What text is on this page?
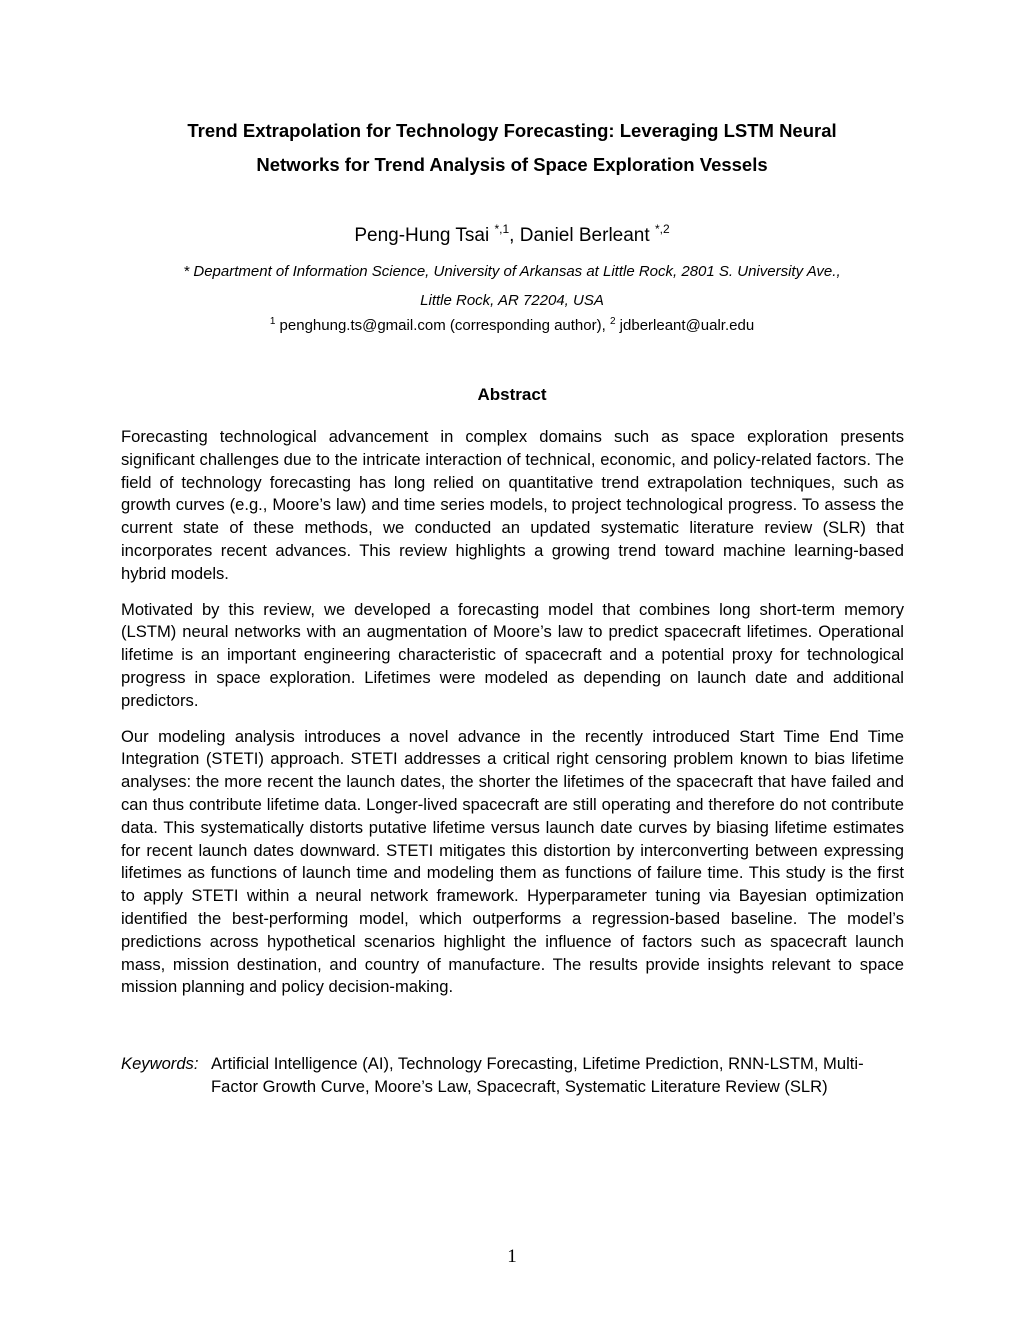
Trend Extrapolation for Technology Forecasting: Leveraging LSTM Neural
Networks for Trend Analysis of Space Exploration Vessels
Peng-Hung Tsai $^{*,1}$, Daniel Berleant $^{*,2}$
* Department of Information Science, University of Arkansas at Little Rock, 2801 S. University Ave.,
Little Rock, AR 72204, USA
$^1$ penghung.ts@gmail.com (corresponding author), $^2$ jdberleant@ualr.edu
Abstract

Forecasting technological advancement in complex domains such as space exploration presents significant challenges due to the intricate interaction of technical, economic, and policy-related factors. The field of technology forecasting has long relied on quantitative trend extrapolation techniques, such as growth curves (e.g., Moore’s law) and time series models, to project technological progress. To assess the current state of these methods, we conducted an updated systematic literature review (SLR) that incorporates recent advances. This review highlights a growing trend toward machine learning-based hybrid models.

Motivated by this review, we developed a forecasting model that combines long short-term memory (LSTM) neural networks with an augmentation of Moore’s law to predict spacecraft lifetimes. Operational lifetime is an important engineering characteristic of spacecraft and a potential proxy for technological progress in space exploration. Lifetimes were modeled as depending on launch date and additional predictors.

Our modeling analysis introduces a novel advance in the recently introduced Start Time End Time Integration (STETI) approach. STETI addresses a critical right censoring problem known to bias lifetime analyses: the more recent the launch dates, the shorter the lifetimes of the spacecraft that have failed and can thus contribute lifetime data. Longer-lived spacecraft are still operating and therefore do not contribute data. This systematically distorts putative lifetime versus launch date curves by biasing lifetime estimates for recent launch dates downward. STETI mitigates this distortion by interconverting between expressing lifetimes as functions of launch time and modeling them as functions of failure time. This study is the first to apply STETI within a neural network framework. Hyperparameter tuning via Bayesian optimization identified the best-performing model, which outperforms a regression-based baseline. The model’s predictions across hypothetical scenarios highlight the influence of factors such as spacecraft launch mass, mission destination, and country of manufacture. The results provide insights relevant to space mission planning and policy decision-making.

Keywords: Artificial Intelligence (AI), Technology Forecasting, Lifetime Prediction, RNN-LSTM, Multi-Factor Growth Curve, Moore’s Law, Spacecraft, Systematic Literature Review (SLR)
1
